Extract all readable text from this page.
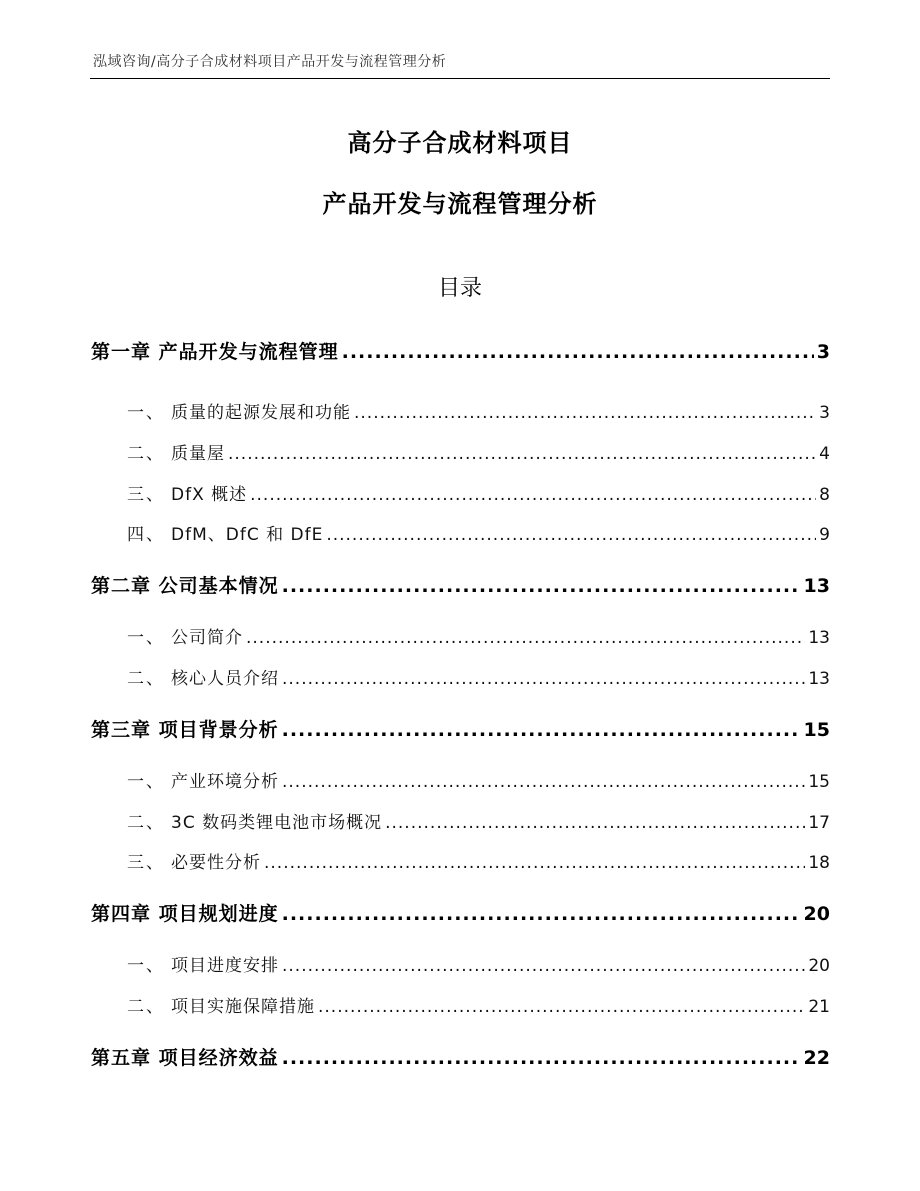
泓域咨询/高分子合成材料项目产品开发与流程管理分析
高分子合成材料项目
产品开发与流程管理分析
目录
第一章 产品开发与流程管理 .....	3
一、 质量的起源发展和功能 .....	3
二、 质量屋 .....	4
三、 DfX 概述 .....	8
四、 DfM、DfC 和 DfE .....	9
第二章 公司基本情况 .....	13
一、 公司简介 .....	13
二、 核心人员介绍 .....	13
第三章 项目背景分析 .....	15
一、 产业环境分析 .....	15
二、 3C 数码类锂电池市场概况 .....	17
三、 必要性分析 .....	18
第四章 项目规划进度 .....	20
一、 项目进度安排 .....	20
二、 项目实施保障措施 .....	21
第五章 项目经济效益 .....	22
